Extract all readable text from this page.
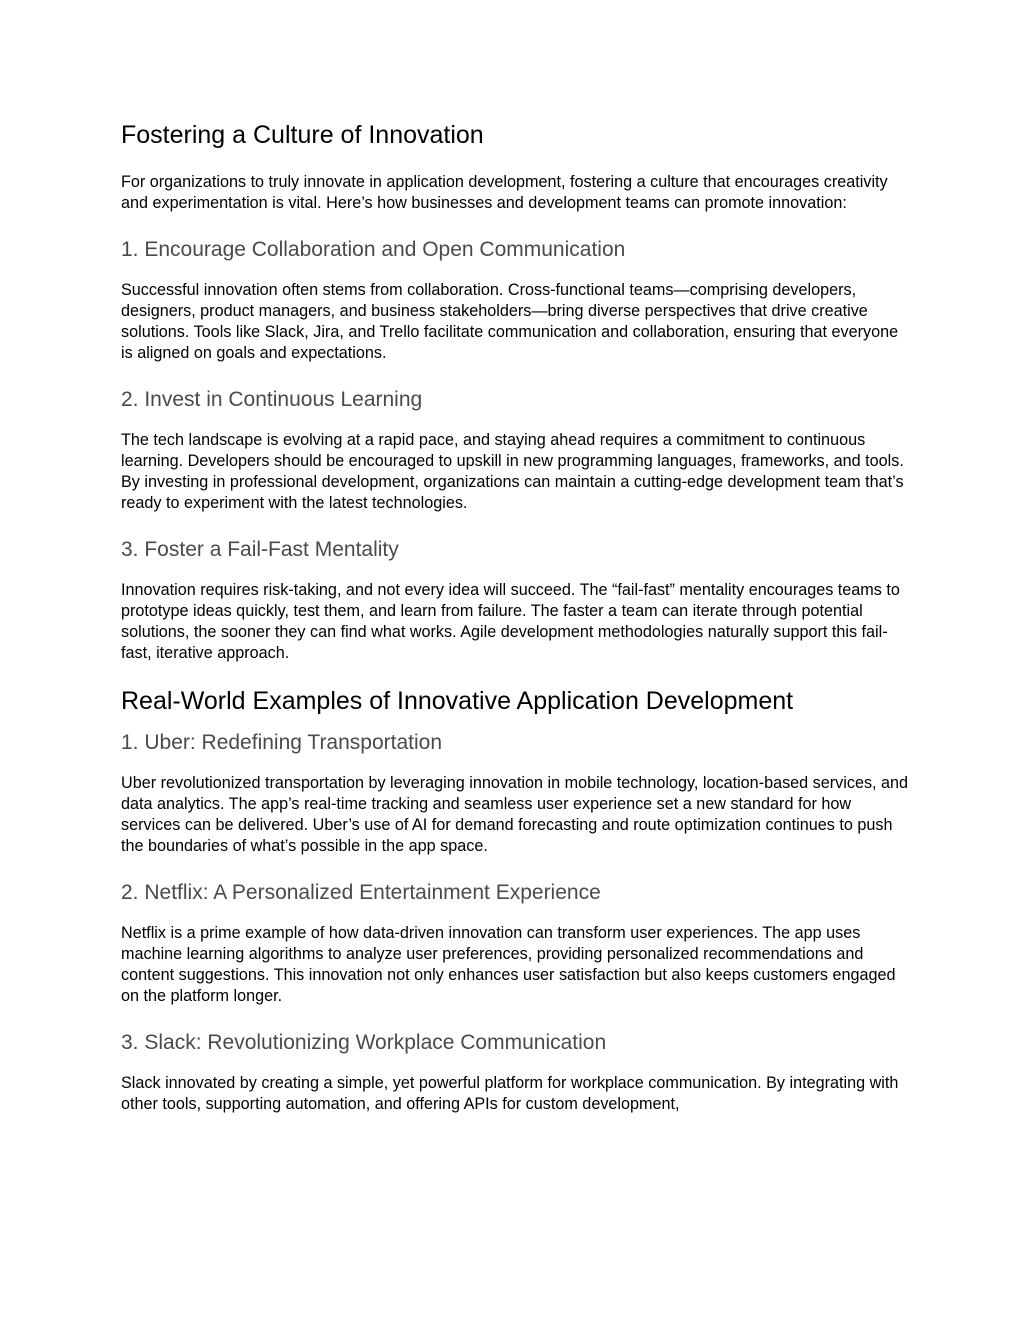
Fostering a Culture of Innovation

For organizations to truly innovate in application development, fostering a culture that encourages creativity and experimentation is vital. Here’s how businesses and development teams can promote innovation:

1. Encourage Collaboration and Open Communication

Successful innovation often stems from collaboration. Cross-functional teams—comprising developers, designers, product managers, and business stakeholders—bring diverse perspectives that drive creative solutions. Tools like Slack, Jira, and Trello facilitate communication and collaboration, ensuring that everyone is aligned on goals and expectations.

2. Invest in Continuous Learning

The tech landscape is evolving at a rapid pace, and staying ahead requires a commitment to continuous learning. Developers should be encouraged to upskill in new programming languages, frameworks, and tools. By investing in professional development, organizations can maintain a cutting-edge development team that’s ready to experiment with the latest technologies.

3. Foster a Fail-Fast Mentality

Innovation requires risk-taking, and not every idea will succeed. The “fail-fast” mentality encourages teams to prototype ideas quickly, test them, and learn from failure. The faster a team can iterate through potential solutions, the sooner they can find what works. Agile development methodologies naturally support this fail-fast, iterative approach.

Real-World Examples of Innovative Application Development
1. Uber: Redefining Transportation

Uber revolutionized transportation by leveraging innovation in mobile technology, location-based services, and data analytics. The app’s real-time tracking and seamless user experience set a new standard for how services can be delivered. Uber’s use of AI for demand forecasting and route optimization continues to push the boundaries of what’s possible in the app space.

2. Netflix: A Personalized Entertainment Experience

Netflix is a prime example of how data-driven innovation can transform user experiences. The app uses machine learning algorithms to analyze user preferences, providing personalized recommendations and content suggestions. This innovation not only enhances user satisfaction but also keeps customers engaged on the platform longer.

3. Slack: Revolutionizing Workplace Communication

Slack innovated by creating a simple, yet powerful platform for workplace communication. By integrating with other tools, supporting automation, and offering APIs for custom development,
